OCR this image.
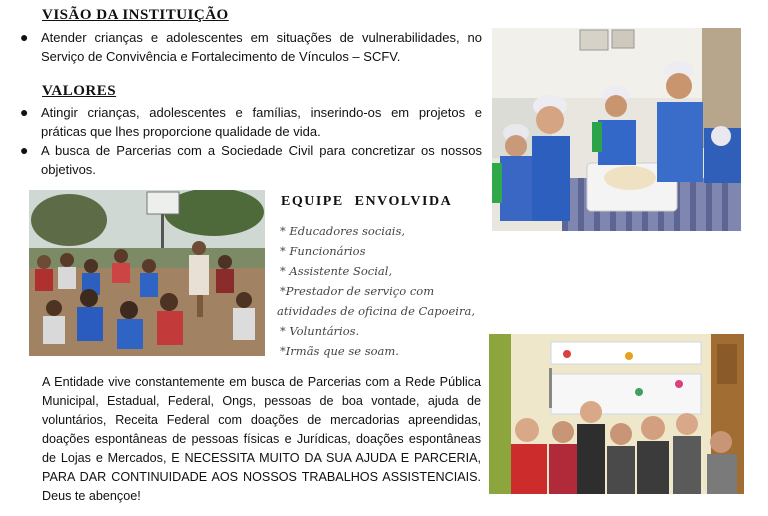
VISÃO DA INSTITUIÇÃO
● Atender crianças e adolescentes em situações de vulnerabilidades, no Serviço de Convivência e Fortalecimento de Vínculos – SCFV.
VALORES
● Atingir crianças, adolescentes e famílias, inserindo-os em projetos e práticas que lhes proporcione qualidade de vida.
● A busca de Parcerias com a Sociedade Civil para concretizar os nossos objetivos.
EQUIPE ENVOLVIDA
* Educadores sociais,
* Funcionários
* Assistente Social,
*Prestador de serviço com
atividades de oficina de Capoeira,
* Voluntários.
*Irmãs que se soam.
A Entidade vive constantemente em busca de Parcerias com a Rede Pública Municipal, Estadual, Federal, Ongs, pessoas de boa vontade, ajuda de voluntários, Receita Federal com doações de mercadorias apreendidas, doações espontâneas de pessoas físicas e Jurídicas, doações espontâneas de Lojas e Mercados, E NECESSITA MUITO DA SUA AJUDA E PARCERIA, PARA DAR CONTINUIDADE AOS NOSSOS TRABALHOS ASSISTENCIAIS. Deus te abençoe!
